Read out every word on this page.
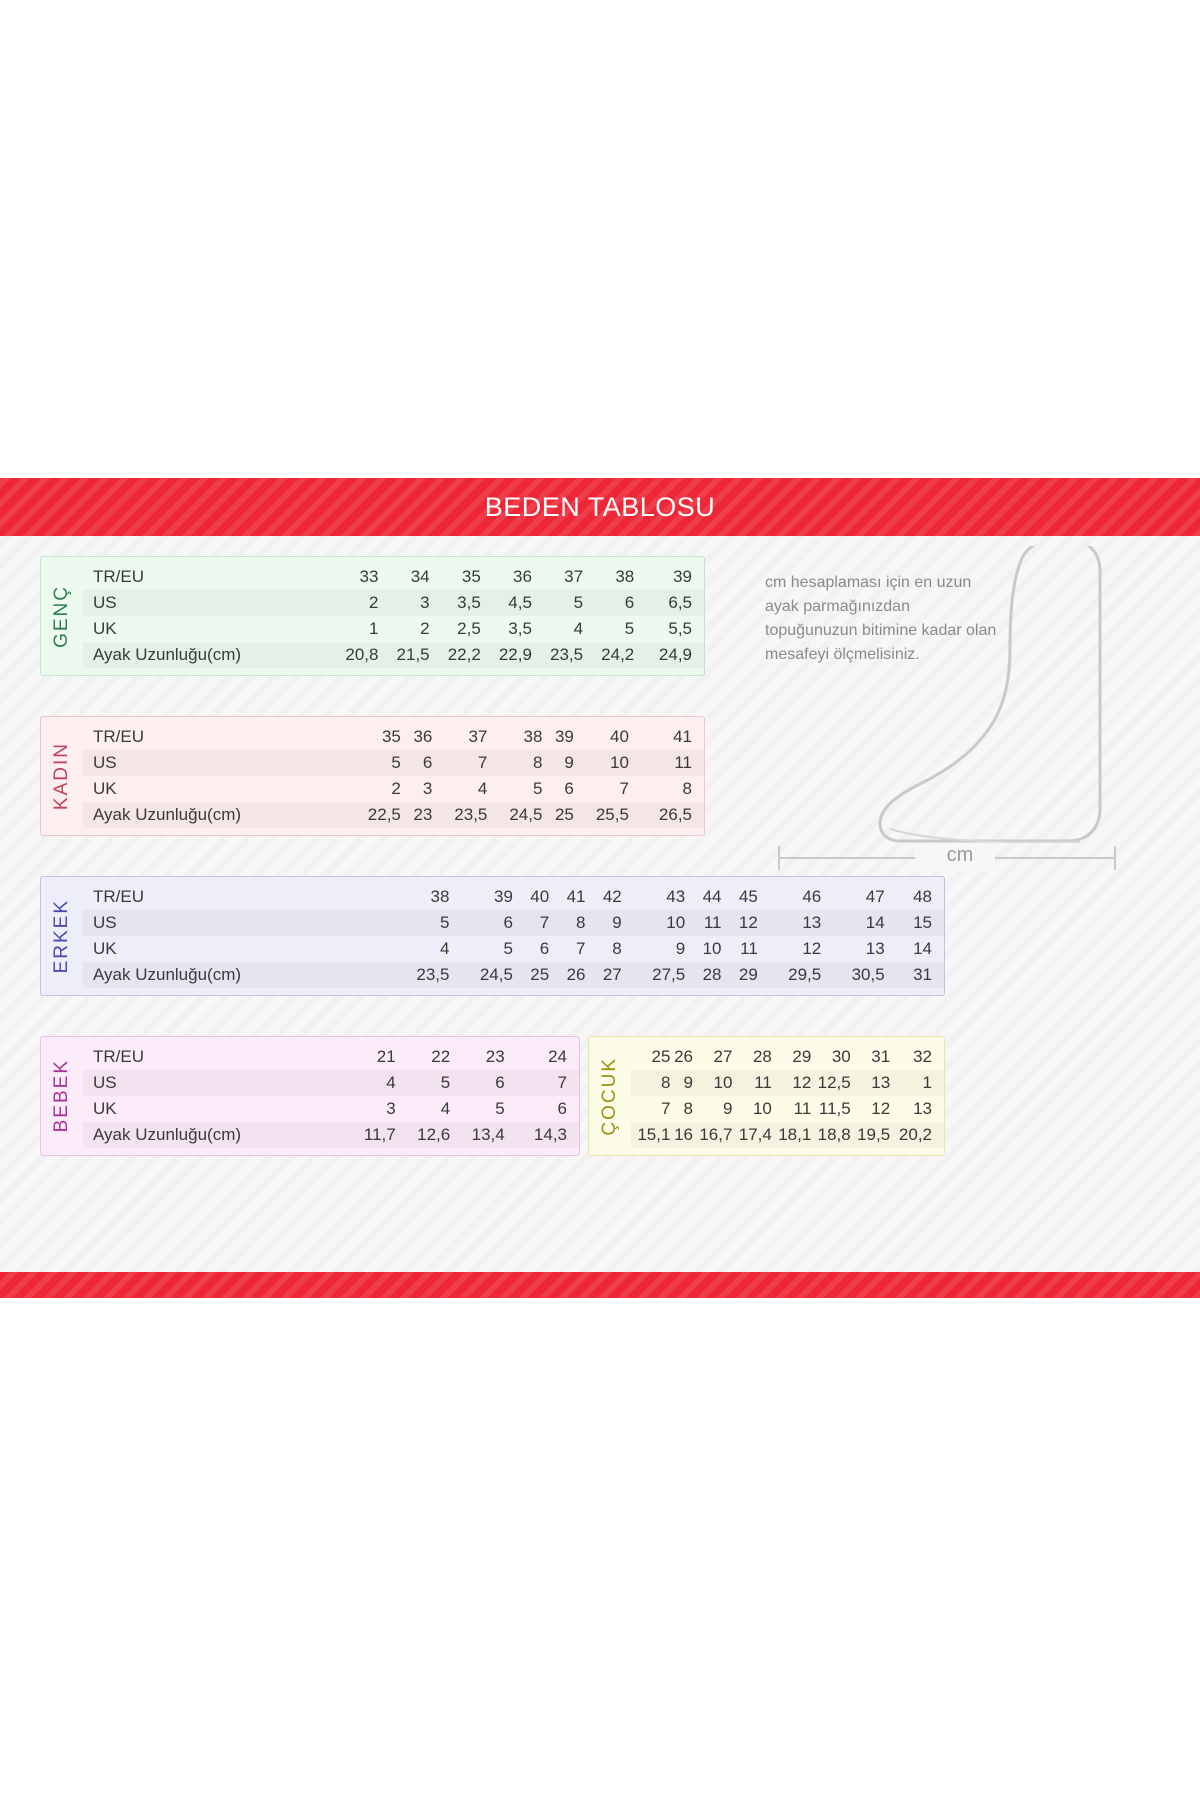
BEDEN TABLOSU
GENÇ
TR/EU	33	34	35	36	37	38	39
US	2	3	3,5	4,5	5	6	6,5
UK	1	2	2,5	3,5	4	5	5,5
Ayak Uzunluğu(cm)	20,8	21,5	22,2	22,9	23,5	24,2	24,9
KADIN
TR/EU	35	36	37	38	39	40	41
US	5	6	7	8	9	10	11
UK	2	3	4	5	6	7	8
Ayak Uzunluğu(cm)	22,5	23	23,5	24,5	25	25,5	26,5
ERKEK
TR/EU	38	39	40	41	42	43	44	45	46	47	48
US	5	6	7	8	9	10	11	12	13	14	15
UK	4	5	6	7	8	9	10	11	12	13	14
Ayak Uzunluğu(cm)	23,5	24,5	25	26	27	27,5	28	29	29,5	30,5	31
BEBEK
TR/EU	21	22	23	24
US	4	5	6	7
UK	3	4	5	6
Ayak Uzunluğu(cm)	11,7	12,6	13,4	14,3 ÇOCUK
25	26	27	28	29	30	31	32
8	9	10	11	12	12,5	13	1
7	8	9	10	11	11,5	12	13
15,1	16	16,7	17,4	18,1	18,8	19,5	20,2
cm
cm hesaplaması için en uzun ayak parmağınızdan topuğunuzun bitimine kadar olan mesafeyi ölçmelisiniz.
